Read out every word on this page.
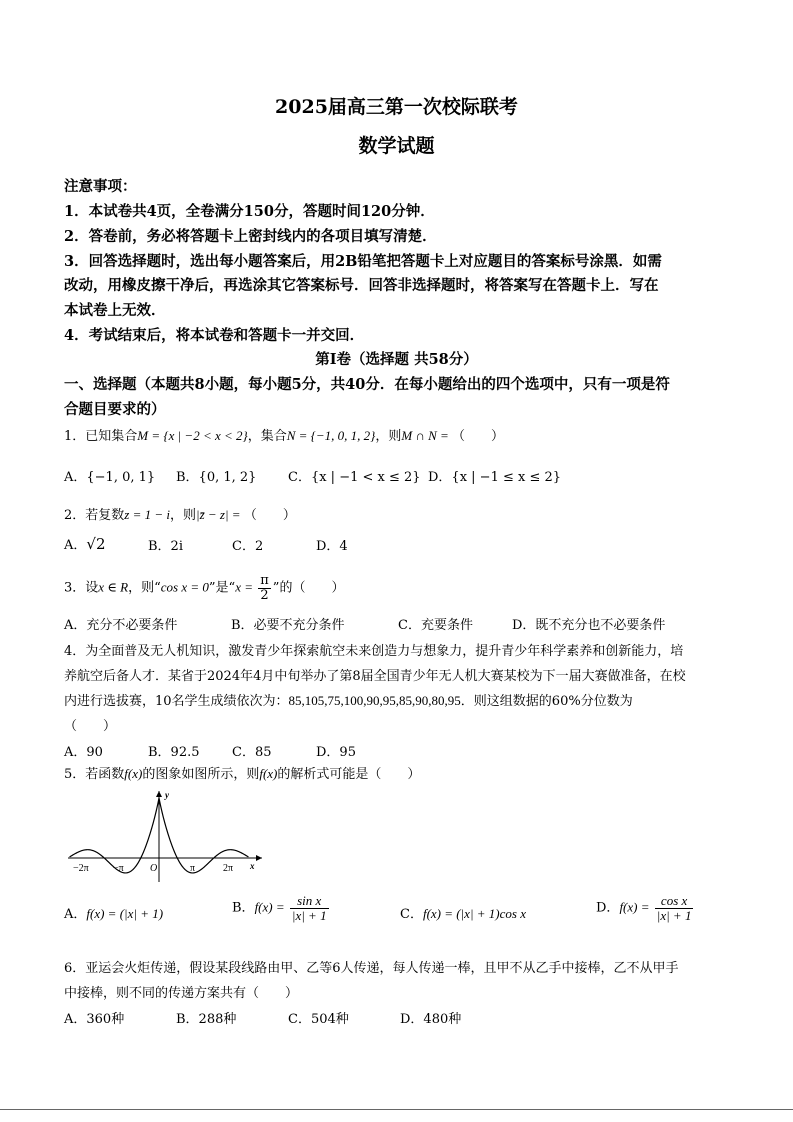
2025届高三第一次校际联考
数学试题
注意事项：
1．本试卷共4页，全卷满分150分，答题时间120分钟．
2．答卷前，务必将答题卡上密封线内的各项目填写清楚．
3．回答选择题时，选出每小题答案后，用2B铅笔把答题卡上对应题目的答案标号涂黑．如需
改动，用橡皮擦干净后，再选涂其它答案标号．回答非选择题时，将答案写在答题卡上．写在
本试卷上无效．
4．考试结束后，将本试卷和答题卡一并交回．
第Ⅰ卷（选择题 共58分）
一、选择题（本题共8小题，每小题5分，共40分．在每小题给出的四个选项中，只有一项是符
合题目要求的）
1．已知集合M = {x | −2 < x < 2}，集合N = {−1, 0, 1, 2}，则M ∩ N = （　　）
A．{−1, 0, 1} B．{0, 1, 2} C．{x | −1 < x ≤ 2} D．{x | −1 ≤ x ≤ 2}
2．若复数z = 1 − i，则|z̄ − z| = （　　）
A．√2	B．2i	C．2	D．4
3．设x ∈ R，则“cos x = 0”是“$x = \frac{\pi}{2}$ ”的（　　）
A．充分不必要条件	B．必要不充分条件	C．充要条件	D．既不充分也不必要条件
4．为全面普及无人机知识，激发青少年探索航空未来创造力与想象力，提升青少年科学素养和创新能力，培
养航空后备人才．某省于2024年4月中旬举办了第8届全国青少年无人机大赛某校为下一届大赛做准备，在校
内进行选拔赛，10名学生成绩依次为：85,105,75,100,90,95,85,90,80,95．则这组数据的60%分位数为
（　　）
A．90	B．92.5	C．85	D．95
5．若函数f(x)的图象如图所示，则f(x)的解析式可能是（　　）
y
x
O
−2π −π	π	2π
A．f(x) = (|x| + 1)	B．$f(x) = \frac{\text{sin x}}{|x| + 1}$	C．f(x) = (|x| + 1)cos x	D．$f(x) = \frac{\text{cos x}}{|x| + 1}$
6．亚运会火炬传递，假设某段线路由甲、乙等6人传递，每人传递一棒，且甲不从乙手中接棒，乙不从甲手
中接棒，则不同的传递方案共有（　　）
A．360种	B．288种	C．504种	D．480种
